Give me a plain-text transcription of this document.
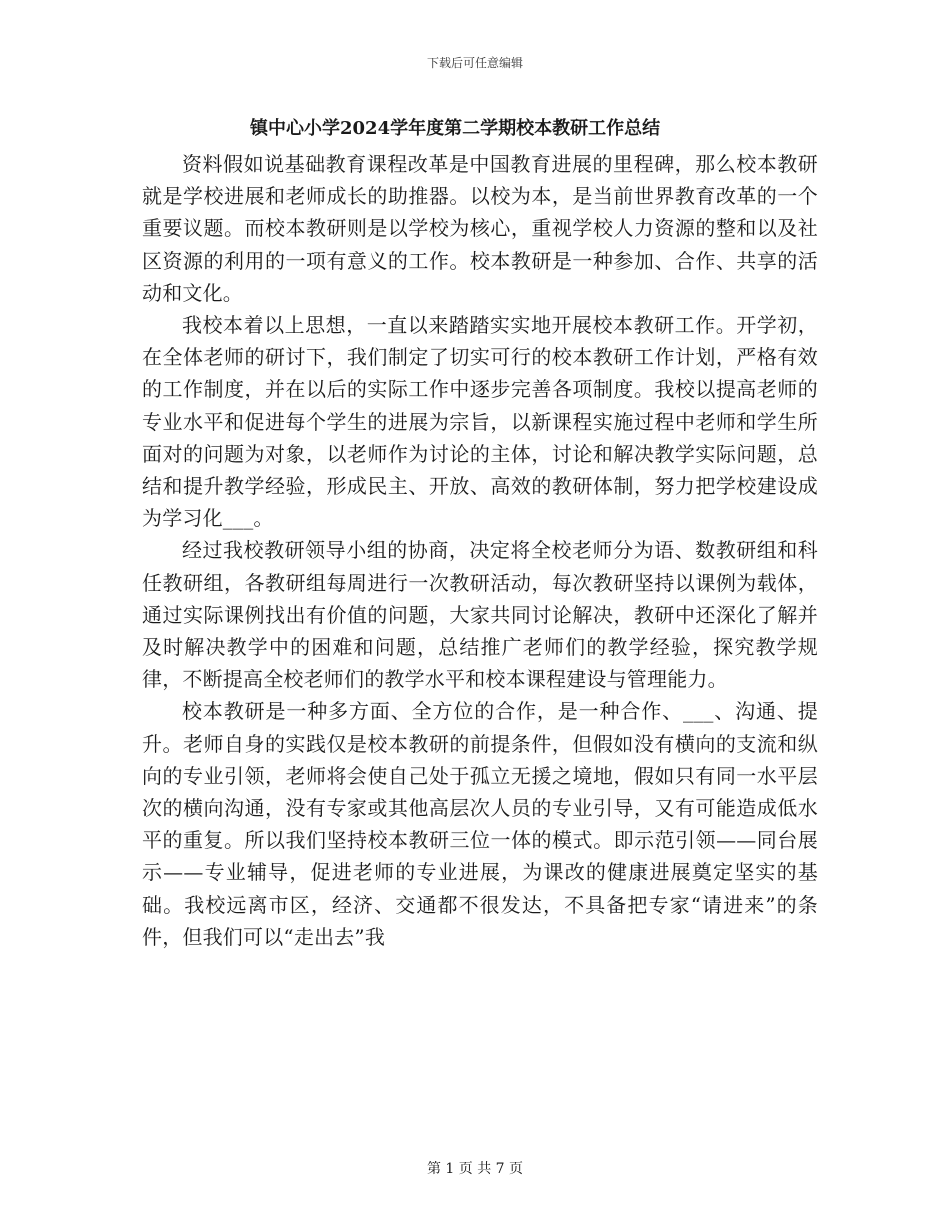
下载后可任意编辑
镇中心小学2024学年度第二学期校本教研工作总结

资料假如说基础教育课程改革是中国教育进展的里程碑，那么校本教研就是学校进展和老师成长的助推器。以校为本，是当前世界教育改革的一个重要议题。而校本教研则是以学校为核心，重视学校人力资源的整和以及社区资源的利用的一项有意义的工作。校本教研是一种参加、合作、共享的活动和文化。

我校本着以上思想，一直以来踏踏实实地开展校本教研工作。开学初，在全体老师的研讨下，我们制定了切实可行的校本教研工作计划，严格有效的工作制度，并在以后的实际工作中逐步完善各项制度。我校以提高老师的专业水平和促进每个学生的进展为宗旨，以新课程实施过程中老师和学生所面对的问题为对象，以老师作为讨论的主体，讨论和解决教学实际问题，总结和提升教学经验，形成民主、开放、高效的教研体制，努力把学校建设成为学习化___。

经过我校教研领导小组的协商，决定将全校老师分为语、数教研组和科任教研组，各教研组每周进行一次教研活动，每次教研坚持以课例为载体，通过实际课例找出有价值的问题，大家共同讨论解决，教研中还深化了解并及时解决教学中的困难和问题，总结推广老师们的教学经验，探究教学规律，不断提高全校老师们的教学水平和校本课程建设与管理能力。

校本教研是一种多方面、全方位的合作，是一种合作、___、沟通、提升。老师自身的实践仅是校本教研的前提条件，但假如没有横向的支流和纵向的专业引领，老师将会使自己处于孤立无援之境地，假如只有同一水平层次的横向沟通，没有专家或其他高层次人员的专业引导，又有可能造成低水平的重复。所以我们坚持校本教研三位一体的模式。即示范引领——同台展示——专业辅导，促进老师的专业进展，为课改的健康进展奠定坚实的基础。我校远离市区，经济、交通都不很发达，不具备把专家“请进来”的条件，但我们可以“走出去”我

第 1 页 共 7 页
